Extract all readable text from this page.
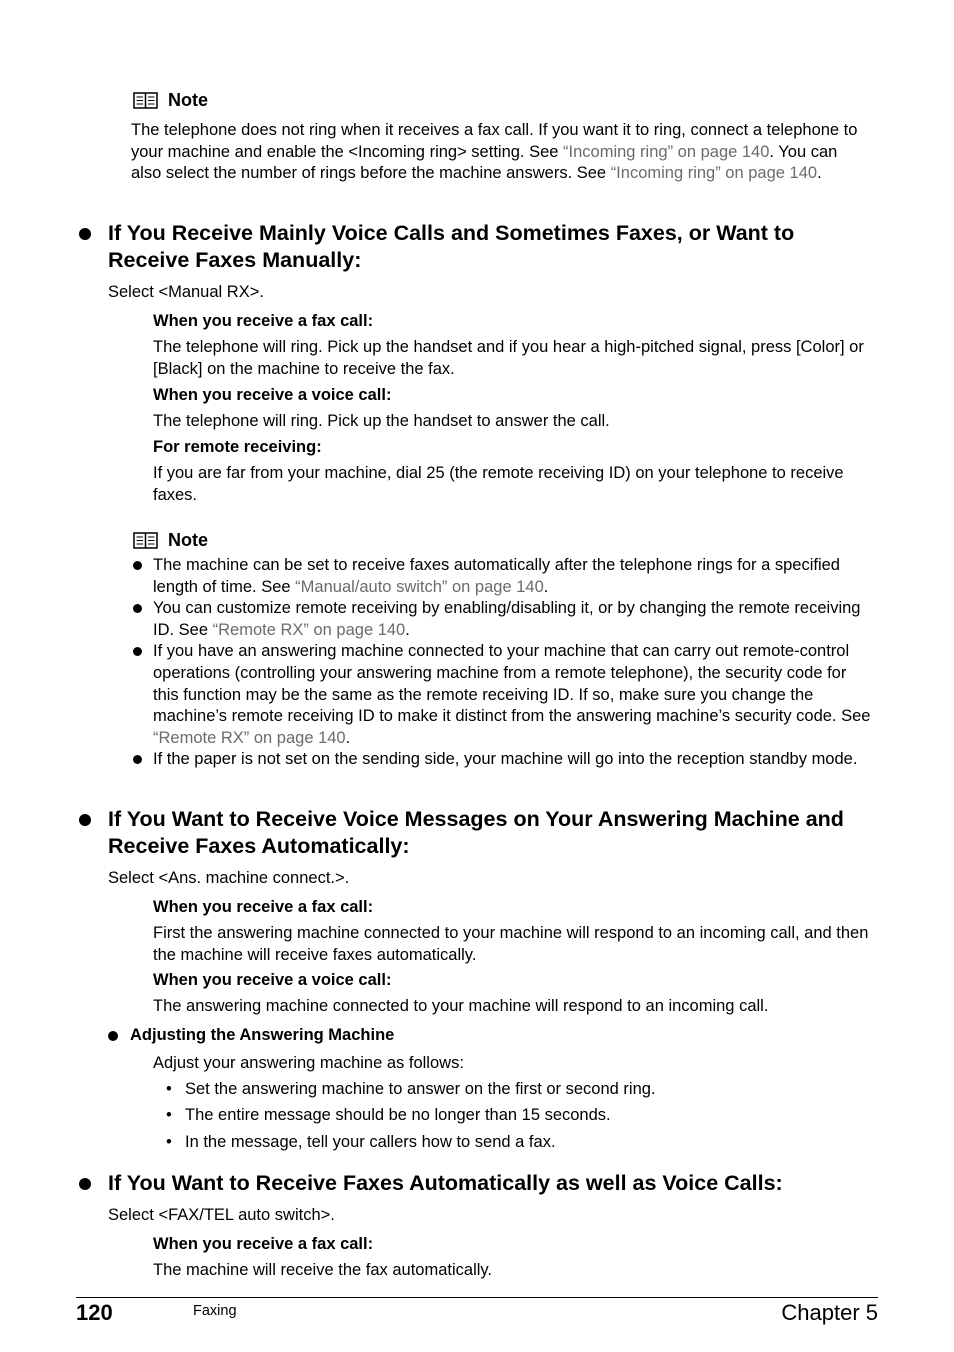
Note
The telephone does not ring when it receives a fax call. If you want it to ring, connect a telephone to your machine and enable the <Incoming ring> setting. See “Incoming ring” on page 140. You can also select the number of rings before the machine answers. See “Incoming ring” on page 140.
If You Receive Mainly Voice Calls and Sometimes Faxes, or Want to Receive Faxes Manually:
Select <Manual RX>.
When you receive a fax call:
The telephone will ring. Pick up the handset and if you hear a high-pitched signal, press [Color] or [Black] on the machine to receive the fax.
When you receive a voice call:
The telephone will ring. Pick up the handset to answer the call.
For remote receiving:
If you are far from your machine, dial 25 (the remote receiving ID) on your telephone to receive faxes.
Note
The machine can be set to receive faxes automatically after the telephone rings for a specified length of time. See “Manual/auto switch” on page 140.
You can customize remote receiving by enabling/disabling it, or by changing the remote receiving ID. See “Remote RX” on page 140.
If you have an answering machine connected to your machine that can carry out remote-control operations (controlling your answering machine from a remote telephone), the security code for this function may be the same as the remote receiving ID. If so, make sure you change the machine’s remote receiving ID to make it distinct from the answering machine’s security code. See “Remote RX” on page 140.
If the paper is not set on the sending side, your machine will go into the reception standby mode.
If You Want to Receive Voice Messages on Your Answering Machine and Receive Faxes Automatically:
Select <Ans. machine connect.>.
When you receive a fax call:
First the answering machine connected to your machine will respond to an incoming call, and then the machine will receive faxes automatically.
When you receive a voice call:
The answering machine connected to your machine will respond to an incoming call.
Adjusting the Answering Machine
Adjust your answering machine as follows:
• Set the answering machine to answer on the first or second ring.
• The entire message should be no longer than 15 seconds.
• In the message, tell your callers how to send a fax.
If You Want to Receive Faxes Automatically as well as Voice Calls:
Select <FAX/TEL auto switch>.
When you receive a fax call:
The machine will receive the fax automatically.
120	Faxing	Chapter 5
